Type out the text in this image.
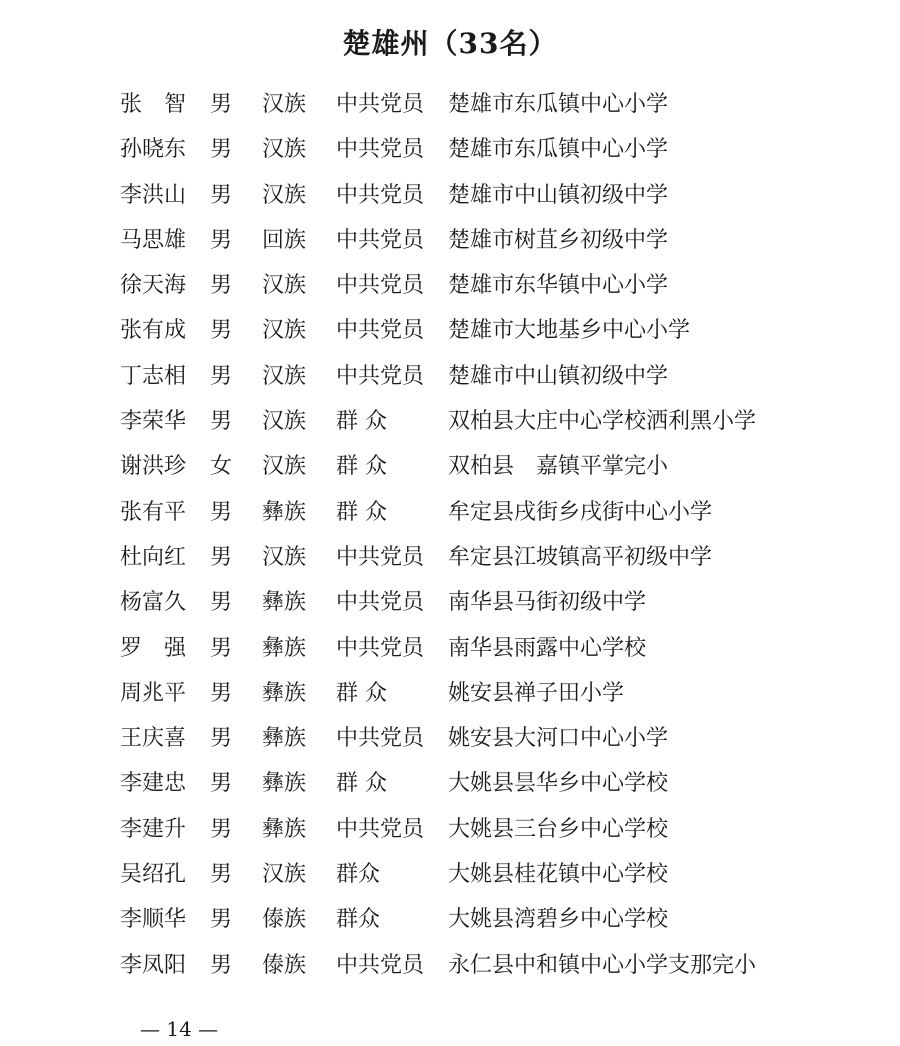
楚雄州（33名）
张　智 男 汉族 中共党员 楚雄市东瓜镇中心小学
孙晓东 男 汉族 中共党员 楚雄市东瓜镇中心小学
李洪山 男 汉族 中共党员 楚雄市中山镇初级中学
马思雄 男 回族 中共党员 楚雄市树苴乡初级中学
徐天海 男 汉族 中共党员 楚雄市东华镇中心小学
张有成 男 汉族 中共党员 楚雄市大地基乡中心小学
丁志相 男 汉族 中共党员 楚雄市中山镇初级中学
李荣华 男 汉族 群 众	双柏县大庄中心学校洒利黑小学
谢洪珍 女 汉族 群 众	双柏县　嘉镇平掌完小
张有平 男 彝族 群 众	牟定县戌街乡戌街中心小学
杜向红 男 汉族 中共党员 牟定县江坡镇高平初级中学
杨富久 男 彝族 中共党员 南华县马街初级中学
罗　强 男 彝族 中共党员 南华县雨露中心学校
周兆平 男 彝族 群 众	姚安县禅子田小学
王庆喜 男 彝族 中共党员 姚安县大河口中心小学
李建忠 男 彝族 群 众	大姚县昙华乡中心学校
李建升 男 彝族 中共党员 大姚县三台乡中心学校
吴绍孔 男 汉族 群众	大姚县桂花镇中心学校
李顺华 男 傣族 群众	大姚县湾碧乡中心学校
李凤阳 男 傣族 中共党员 永仁县中和镇中心小学支那完小
— 14 —
